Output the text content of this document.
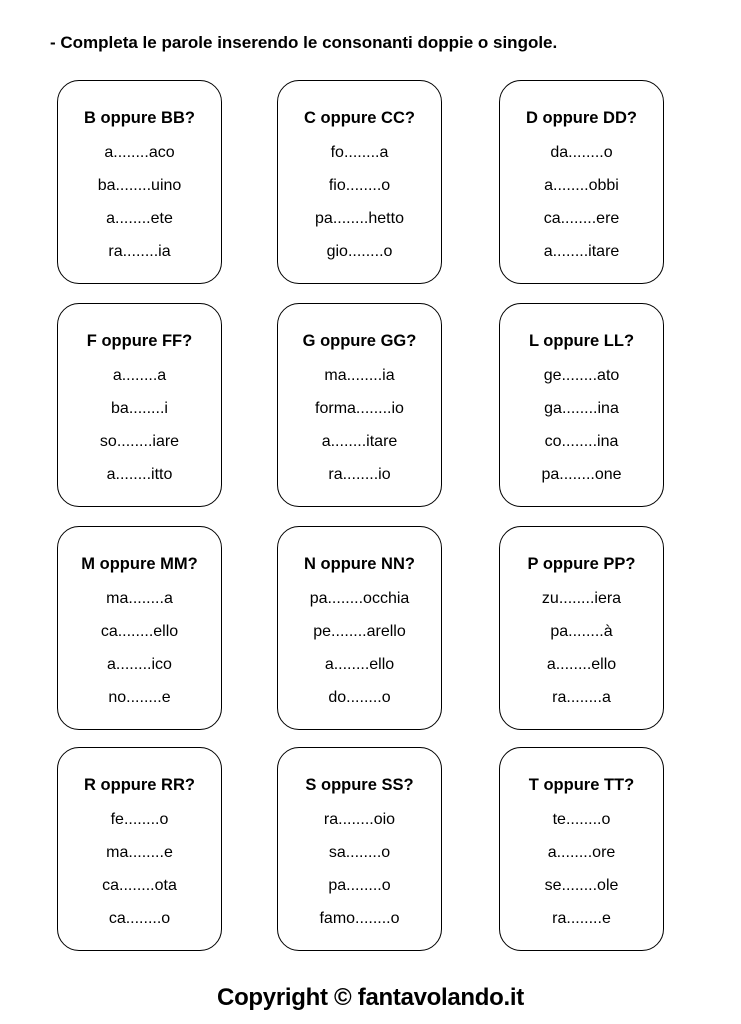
- Completa le parole inserendo le consonanti doppie o singole.
B oppure BB?
a........aco
ba........uino
a........ete
ra........ia
C oppure CC?
fo........a
fio........o
pa........hetto
gio........o
D oppure DD?
da........o
a........obbi
ca........ere
a........itare
F oppure FF?
a........a
ba........i
so........iare
a........itto
G oppure GG?
ma........ia
forma........io
a........itare
ra........io
L oppure LL?
ge........ato
ga........ina
co........ina
pa........one
M oppure MM?
ma........a
ca........ello
a........ico
no........e
N oppure NN?
pa........occhia
pe........arello
a........ello
do........o
P oppure PP?
zu........iera
pa........à
a........ello
ra........a
R oppure RR?
fe........o
ma........e
ca........ota
ca........o
S oppure SS?
ra........oio
sa........o
pa........o
famo........o
T oppure TT?
te........o
a........ore
se........ole
ra........e
Copyright © fantavolando.it
